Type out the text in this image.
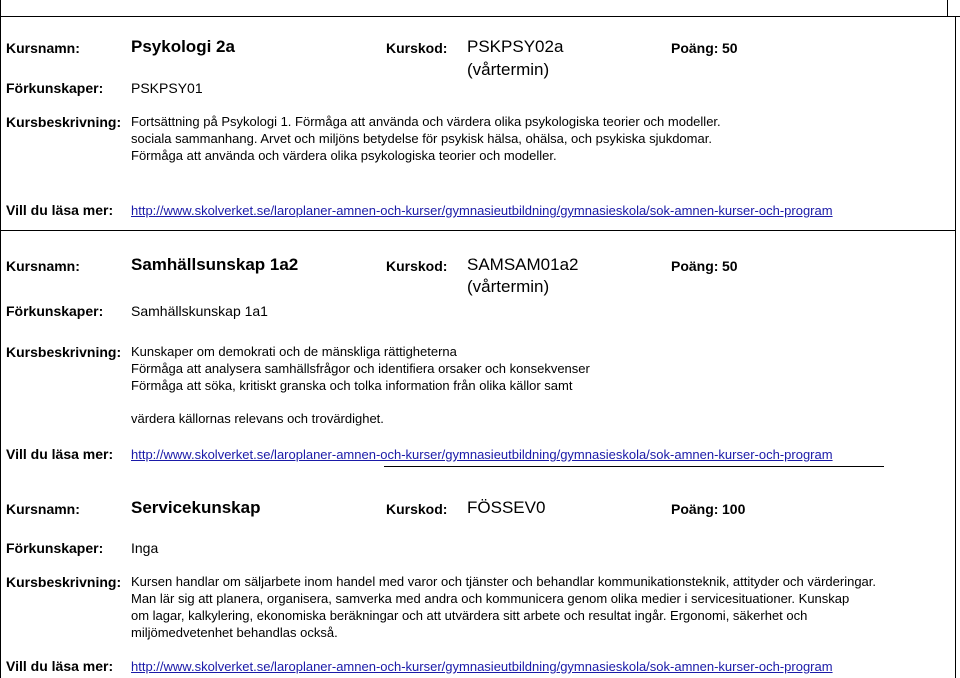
Kursnamn:	Psykologi 2a	Kurskod: PSKPSY02a
(vårtermin)
Poäng: 50
Förkunskaper: PSKPSY01
Kursbeskrivning: Fortsättning på Psykologi 1. Förmåga att använda och värdera olika psykologiska teorier och modeller.
sociala sammanhang. Arvet och miljöns betydelse för psykisk hälsa, ohälsa, och psykiska sjukdomar.
Förmåga att använda och värdera olika psykologiska teorier och modeller.
Vill du läsa mer: http://www.skolverket.se/laroplaner-amnen-och-kurser/gymnasieutbildning/gymnasieskola/sok-amnen-kurser-och-program
Kursnamn:	Samhällsunskap 1a2	Kurskod: SAMSAM01a2
(vårtermin)
Poäng: 50
Förkunskaper: Samhällskunskap 1a1
Kursbeskrivning: Kunskaper om demokrati och de mänskliga rättigheterna
Förmåga att analysera samhällsfrågor och identifiera orsaker och konsekvenser
Förmåga att söka, kritiskt granska och tolka information från olika källor samt
värdera källornas relevans och trovärdighet.
Vill du läsa mer: http://www.skolverket.se/laroplaner-amnen-och-kurser/gymnasieutbildning/gymnasieskola/sok-amnen-kurser-och-program
Kursnamn:	Servicekunskap	Kurskod: FÖSSEV0	Poäng: 100
Förkunskaper: Inga
Kursbeskrivning: Kursen handlar om säljarbete inom handel med varor och tjänster och behandlar kommunikationsteknik, attityder och värderingar.
Man lär sig att planera, organisera, samverka med andra och kommunicera genom olika medier i servicesituationer. Kunskap
om lagar, kalkylering, ekonomiska beräkningar och att utvärdera sitt arbete och resultat ingår. Ergonomi, säkerhet och
miljömedvetenhet behandlas också.
Vill du läsa mer: http://www.skolverket.se/laroplaner-amnen-och-kurser/gymnasieutbildning/gymnasieskola/sok-amnen-kurser-och-program
